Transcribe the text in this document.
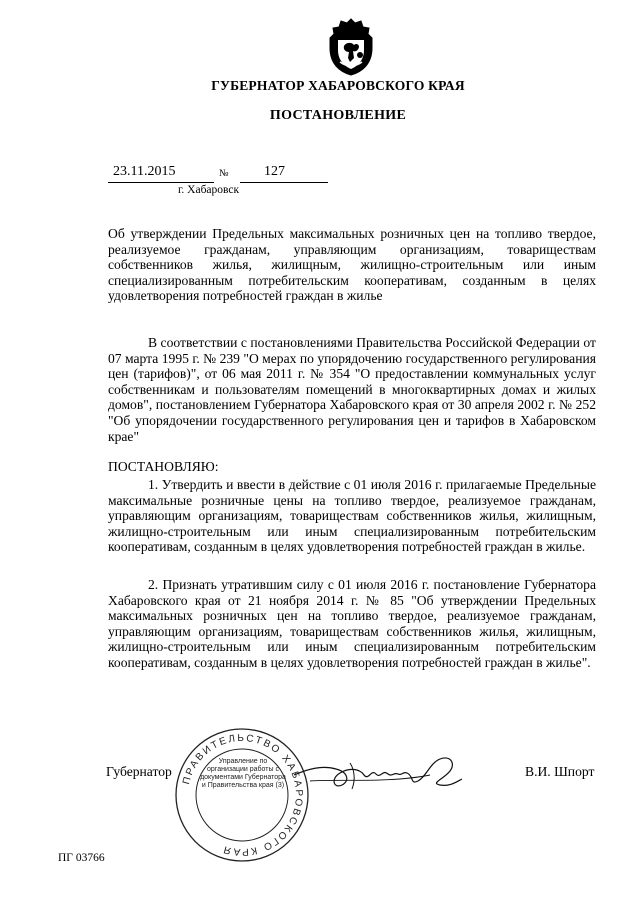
ГУБЕРНАТОР ХАБАРОВСКОГО КРАЯ
ПОСТАНОВЛЕНИЕ
23.11.2015	№	127
г. Хабаровск
Об утверждении Предельных максимальных розничных цен на топливо твердое, реализуемое гражданам, управляющим организациям, товариществам собственников жилья, жилищным, жилищно-строительным или иным специализированным потребительским кооперативам, созданным в целях удовлетворения потребностей граждан в жилье
В соответствии с постановлениями Правительства Российской Федерации от 07 марта 1995 г. № 239 "О мерах по упорядочению государственного регулирования цен (тарифов)", от 06 мая 2011 г. № 354 "О предоставлении коммунальных услуг собственникам и пользователям помещений в многоквартирных домах и жилых домов", постановлением Губернатора Хабаровского края от 30 апреля 2002 г. № 252 "Об упорядочении государственного регулирования цен и тарифов в Хабаровском крае"
ПОСТАНОВЛЯЮ:
1. Утвердить и ввести в действие с 01 июля 2016 г. прилагаемые Предельные максимальные розничные цены на топливо твердое, реализуемое гражданам, управляющим организациям, товариществам собственников жилья, жилищным, жилищно-строительным или иным специализированным потребительским кооперативам, созданным в целях удовлетворения потребностей граждан в жилье.
2. Признать утратившим силу с 01 июля 2016 г. постановление Губернатора Хабаровского края от 21 ноября 2014 г. № 85 "Об утверждении Предельных максимальных розничных цен на топливо твердое, реализуемое гражданам, управляющим организациям, товариществам собственников жилья, жилищным, жилищно-строительным или иным специализированным потребительским кооперативам, созданным в целях удовлетворения потребностей граждан в жилье".
ПРАВИТЕЛЬСТВО ХАБАРОВСКОГО КРАЯ
Управление по организации работы с документами Губернатора и Правительства края (3)
Губернатор	В.И. Шпорт
ПГ 03766
